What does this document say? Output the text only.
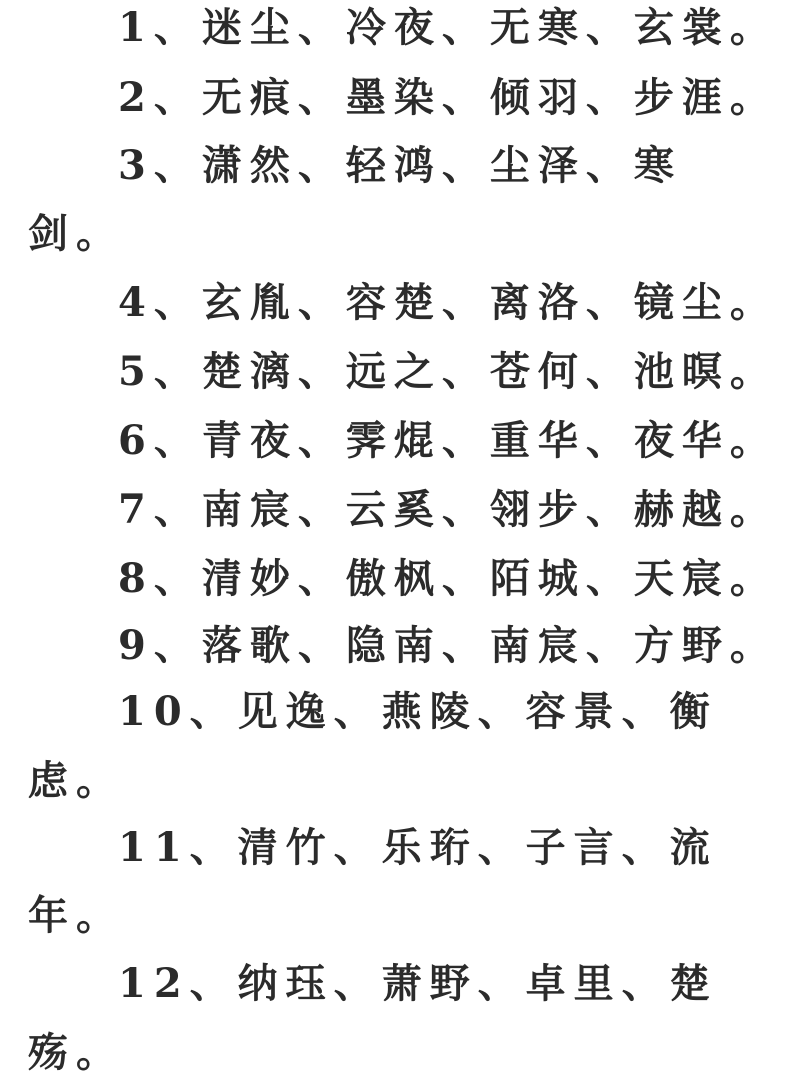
1、迷尘、冷夜、无寒、玄裳。
2、无痕、墨染、倾羽、步涯。
3、潇然、轻鸿、尘泽、寒
剑。
4、玄胤、容楚、离洛、镜尘。
5、楚漓、远之、苍何、池暝。
6、青夜、霁焜、重华、夜华。
7、南宸、云奚、翎步、赫越。
8、清妙、傲枫、陌城、天宸。
9、落歌、隐南、南宸、方野。
10、见逸、燕陵、容景、衡
虑。
11、清竹、乐珩、子言、流
年。
12、纳珏、萧野、卓里、楚
殇。
